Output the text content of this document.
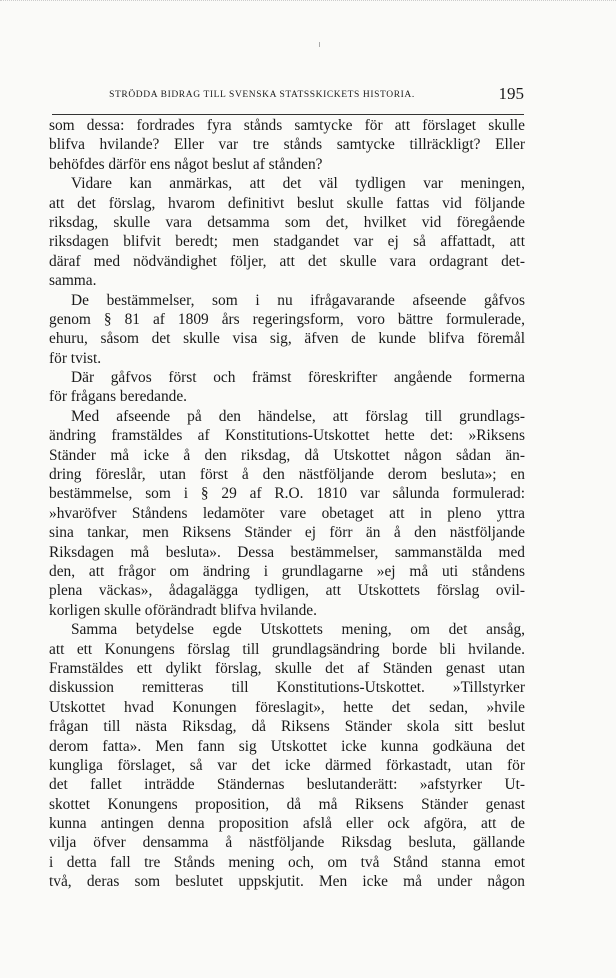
STRÖDDA BIDRAG TILL SVENSKA STATSSKICKETS HISTORIA.	195
som dessa: fordrades fyra stånds samtycke för att förslaget skulle
blifva hvilande? Eller var tre stånds samtycke tillräckligt? Eller
behöfdes därför ens något beslut af stånden?
Vidare kan anmärkas, att det väl tydligen var meningen,
att det förslag, hvarom definitivt beslut skulle fattas vid följande
riksdag, skulle vara detsamma som det, hvilket vid föregående
riksdagen blifvit beredt; men stadgandet var ej så affattadt, att
däraf med nödvändighet följer, att det skulle vara ordagrant det-
samma.
De bestämmelser, som i nu ifrågavarande afseende gåfvos
genom § 81 af 1809 års regeringsform, voro bättre formulerade,
ehuru, såsom det skulle visa sig, äfven de kunde blifva föremål
för tvist.
Där gåfvos först och främst föreskrifter angående formerna
för frågans beredande.
Med afseende på den händelse, att förslag till grundlags-
ändring framstäldes af Konstitutions-Utskottet hette det: »Riksens
Ständer må icke å den riksdag, då Utskottet någon sådan än-
dring föreslår, utan först å den nästföljande derom besluta»; en
bestämmelse, som i § 29 af R.O. 1810 var sålunda formulerad:
»hvaröfver Ståndens ledamöter vare obetaget att in pleno yttra
sina tankar, men Riksens Ständer ej förr än å den nästföljande
Riksdagen må besluta». Dessa bestämmelser, sammanstälda med
den, att frågor om ändring i grundlagarne »ej må uti ståndens
plena väckas», ådagalägga tydligen, att Utskottets förslag ovil-
korligen skulle oförändradt blifva hvilande.
Samma betydelse egde Utskottets mening, om det ansåg,
att ett Konungens förslag till grundlagsändring borde bli hvilande.
Framstäldes ett dylikt förslag, skulle det af Ständen genast utan
diskussion remitteras till Konstitutions-Utskottet. »Tillstyrker
Utskottet hvad Konungen föreslagit», hette det sedan, »hvile
frågan till nästa Riksdag, då Riksens Ständer skola sitt beslut
derom fatta». Men fann sig Utskottet icke kunna godkäuna det
kungliga förslaget, så var det icke därmed förkastadt, utan för
det fallet inträdde Ständernas beslutanderätt: »afstyrker Ut-
skottet Konungens proposition, då må Riksens Ständer genast
kunna antingen denna proposition afslå eller ock afgöra, att de
vilja öfver densamma å nästföljande Riksdag besluta, gällande
i detta fall tre Stånds mening och, om två Stånd stanna emot
två, deras som beslutet uppskjutit. Men icke må under någon
